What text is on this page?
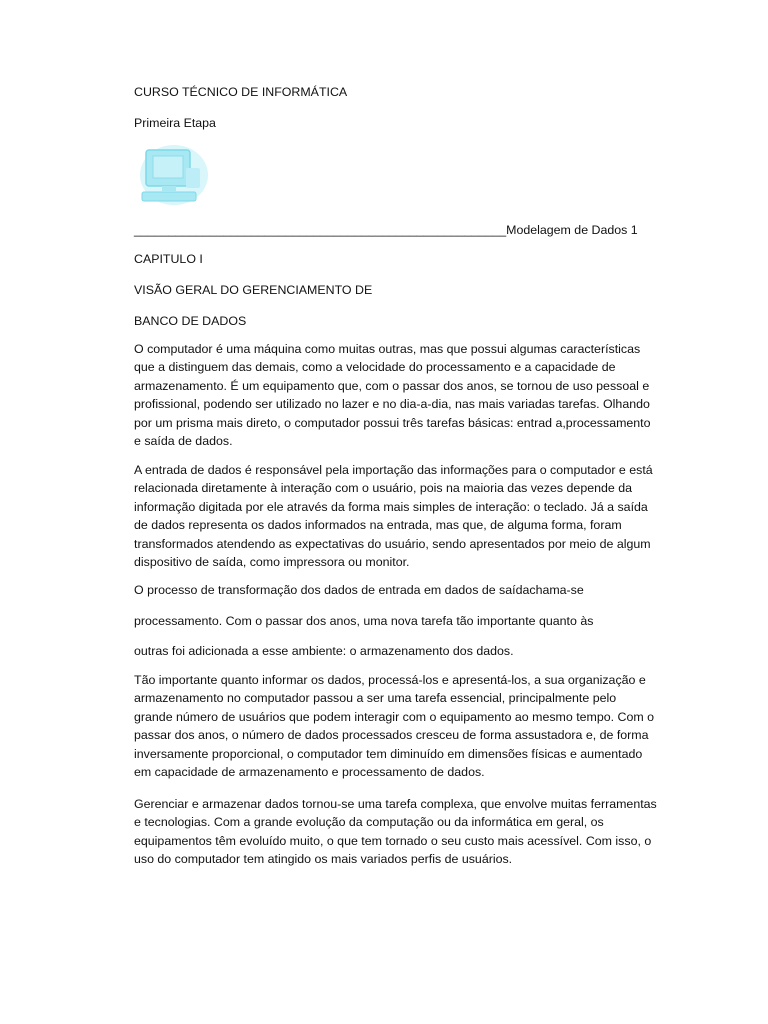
CURSO TÉCNICO DE INFORMÁTICA
Primeira Etapa
______________________________________________________Modelagem de Dados 1
CAPITULO I
VISÃO GERAL DO GERENCIAMENTO DE
BANCO DE DADOS
O computador é uma máquina como muitas outras, mas que possui algumas características
que a distinguem das demais, como a velocidade do processamento e a capacidade de
armazenamento. É um equipamento que, com o passar dos anos, se tornou de uso pessoal e
profissional, podendo ser utilizado no lazer e no dia-a-dia, nas mais variadas tarefas. Olhando
por um prisma mais direto, o computador possui três tarefas básicas: entrad a,processamento
e saída de dados.
A entrada de dados é responsável pela importação das informações para o computador e está
relacionada diretamente à interação com o usuário, pois na maioria das vezes depende da
informação digitada por ele através da forma mais simples de interação: o teclado. Já a saída
de dados representa os dados informados na entrada, mas que, de alguma forma, foram
transformados atendendo as expectativas do usuário, sendo apresentados por meio de algum
dispositivo de saída, como impressora ou monitor.
O processo de transformação dos dados de entrada em dados de saídachama-se
processamento. Com o passar dos anos, uma nova tarefa tão importante quanto às
outras foi adicionada a esse ambiente: o armazenamento dos dados.
Tão importante quanto informar os dados, processá-los e apresentá-los, a sua organização e
armazenamento no computador passou a ser uma tarefa essencial, principalmente pelo
grande número de usuários que podem interagir com o equipamento ao mesmo tempo. Com o
passar dos anos, o número de dados processados cresceu de forma assustadora e, de forma
inversamente proporcional, o computador tem diminuído em dimensões físicas e aumentado
em capacidade de armazenamento e processamento de dados.
Gerenciar e armazenar dados tornou-se uma tarefa complexa, que envolve muitas ferramentas
e tecnologias. Com a grande evolução da computação ou da informática em geral, os
equipamentos têm evoluído muito, o que tem tornado o seu custo mais acessível. Com isso, o
uso do computador tem atingido os mais variados perfis de usuários.
